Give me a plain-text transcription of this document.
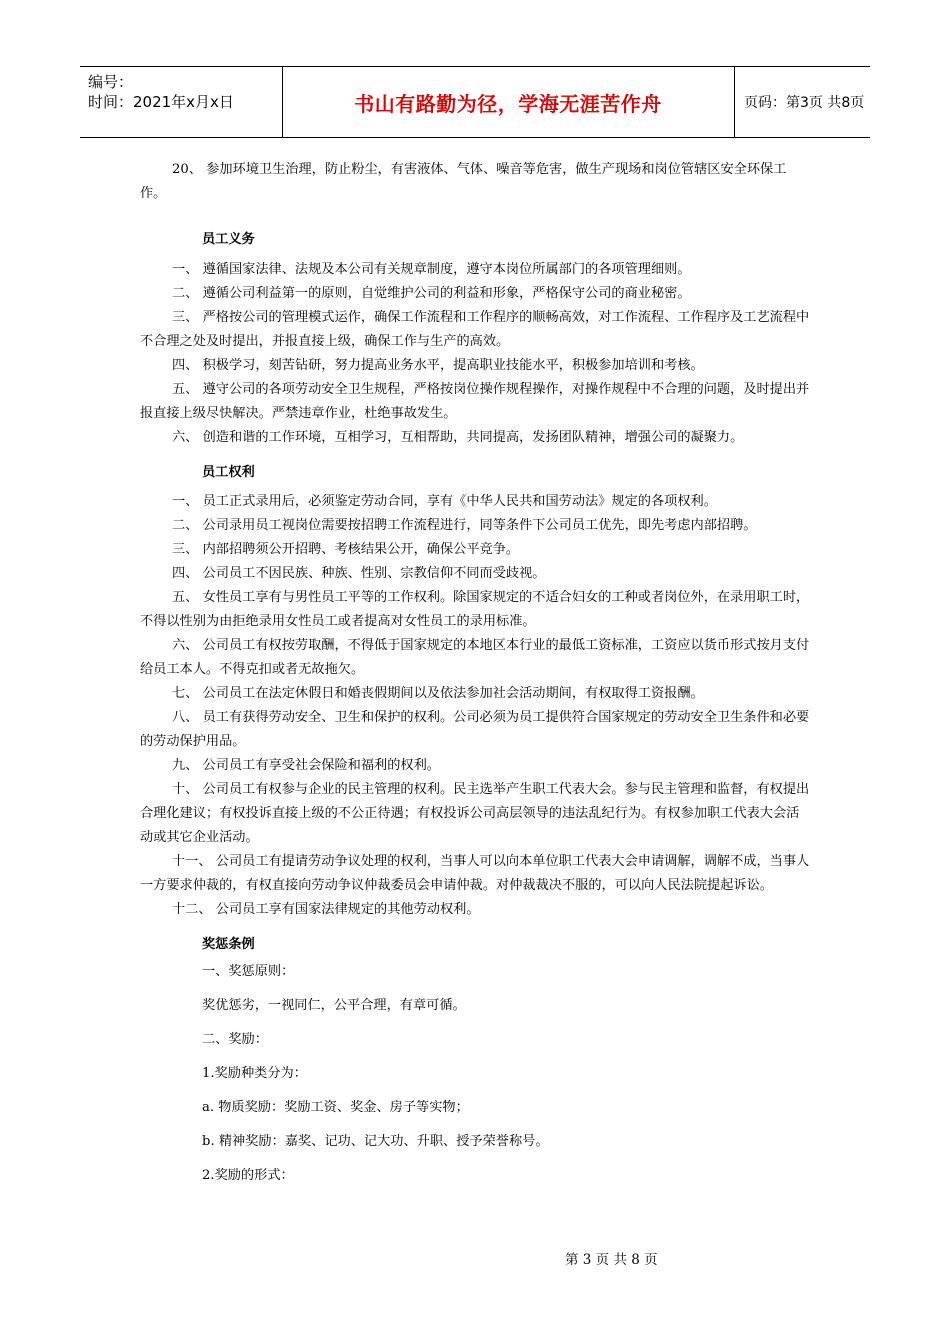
编号：
时间：2021年x月x日	书山有路勤为径，学海无涯苦作舟	页码：第3页 共8页

20、 参加环境卫生治理，防止粉尘，有害液体、气体、噪音等危害，做生产现场和岗位管辖区安全环保工作。

员工义务

一、 遵循国家法律、法规及本公司有关规章制度，遵守本岗位所属部门的各项管理细则。

二、 遵循公司利益第一的原则，自觉维护公司的利益和形象，严格保守公司的商业秘密。

三、 严格按公司的管理模式运作，确保工作流程和工作程序的顺畅高效，对工作流程、工作程序及工艺流程中不合理之处及时提出，并报直接上级，确保工作与生产的高效。

四、 积极学习，刻苦钻研，努力提高业务水平，提高职业技能水平，积极参加培训和考核。

五、 遵守公司的各项劳动安全卫生规程，严格按岗位操作规程操作，对操作规程中不合理的问题，及时提出并报直接上级尽快解决。严禁违章作业，杜绝事故发生。

六、 创造和谐的工作环境，互相学习，互相帮助，共同提高，发扬团队精神，增强公司的凝聚力。

员工权利

一、 员工正式录用后，必须鉴定劳动合同，享有《中华人民共和国劳动法》规定的各项权利。

二、 公司录用员工视岗位需要按招聘工作流程进行，同等条件下公司员工优先，即先考虑内部招聘。

三、 内部招聘须公开招聘、考核结果公开，确保公平竞争。

四、 公司员工不因民族、种族、性别、宗教信仰不同而受歧视。

五、 女性员工享有与男性员工平等的工作权利。除国家规定的不适合妇女的工种或者岗位外，在录用职工时，不得以性别为由拒绝录用女性员工或者提高对女性员工的录用标准。

六、 公司员工有权按劳取酬，不得低于国家规定的本地区本行业的最低工资标准，工资应以货币形式按月支付给员工本人。不得克扣或者无故拖欠。

七、 公司员工在法定休假日和婚丧假期间以及依法参加社会活动期间，有权取得工资报酬。

八、 员工有获得劳动安全、卫生和保护的权利。公司必须为员工提供符合国家规定的劳动安全卫生条件和必要的劳动保护用品。

九、 公司员工有享受社会保险和福利的权利。

十、 公司员工有权参与企业的民主管理的权利。民主选举产生职工代表大会。参与民主管理和监督，有权提出合理化建议；有权投诉直接上级的不公正待遇；有权投诉公司高层领导的违法乱纪行为。有权参加职工代表大会活动或其它企业活动。

十一、 公司员工有提请劳动争议处理的权利，当事人可以向本单位职工代表大会申请调解，调解不成，当事人一方要求仲裁的，有权直接向劳动争议仲裁委员会申请仲裁。对仲裁裁决不服的，可以向人民法院提起诉讼。

十二、 公司员工享有国家法律规定的其他劳动权利。

奖惩条例

一、奖惩原则：

奖优惩劣，一视同仁，公平合理，有章可循。

二、奖励：

1.奖励种类分为：

a. 物质奖励：奖励工资、奖金、房子等实物；

b. 精神奖励：嘉奖、记功、记大功、升职、授予荣誉称号。

2.奖励的形式：

第 3 页 共 8 页
